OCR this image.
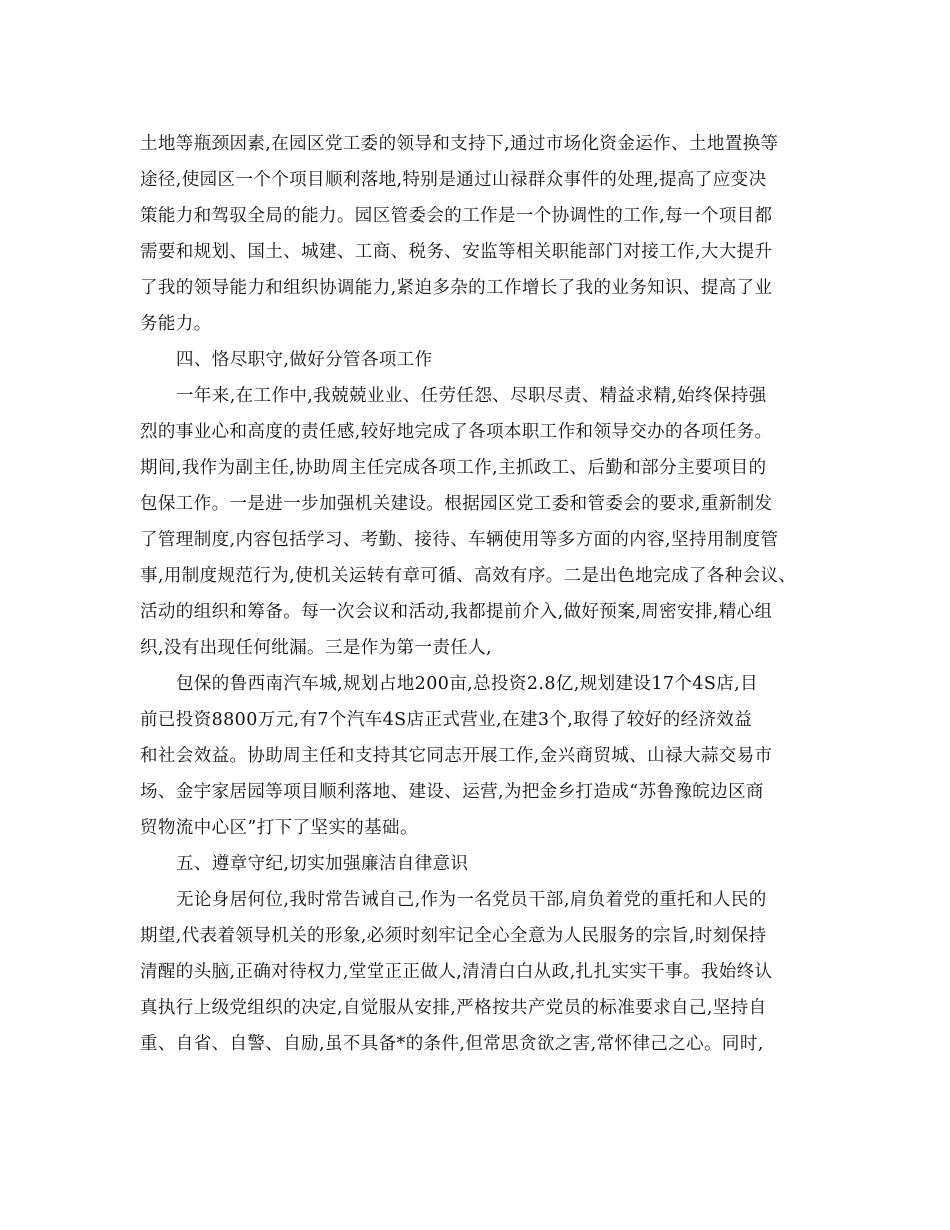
土地等瓶颈因素,在园区党工委的领导和支持下,通过市场化资金运作、土地置换等
途径,使园区一个个项目顺利落地,特别是通过山禄群众事件的处理,提高了应变决
策能力和驾驭全局的能力。园区管委会的工作是一个协调性的工作,每一个项目都
需要和规划、国土、城建、工商、税务、安监等相关职能部门对接工作,大大提升
了我的领导能力和组织协调能力,紧迫多杂的工作增长了我的业务知识、提高了业
务能力。
四、恪尽职守,做好分管各项工作
一年来,在工作中,我兢兢业业、任劳任怨、尽职尽责、精益求精,始终保持强
烈的事业心和高度的责任感,较好地完成了各项本职工作和领导交办的各项任务。
期间,我作为副主任,协助周主任完成各项工作,主抓政工、后勤和部分主要项目的
包保工作。一是进一步加强机关建设。根据园区党工委和管委会的要求,重新制发
了管理制度,内容包括学习、考勤、接待、车辆使用等多方面的内容,坚持用制度管
事,用制度规范行为,使机关运转有章可循、高效有序。二是出色地完成了各种会议、
活动的组织和筹备。每一次会议和活动,我都提前介入,做好预案,周密安排,精心组
织,没有出现任何纰漏。三是作为第一责任人,
包保的鲁西南汽车城,规划占地200亩,总投资2.8亿,规划建设17个4S店,目
前已投资8800万元,有7个汽车4S店正式营业,在建3个,取得了较好的经济效益
和社会效益。协助周主任和支持其它同志开展工作,金兴商贸城、山禄大蒜交易市
场、金宇家居园等项目顺利落地、建设、运营,为把金乡打造成“苏鲁豫皖边区商
贸物流中心区”打下了坚实的基础。
五、遵章守纪,切实加强廉洁自律意识
无论身居何位,我时常告诫自己,作为一名党员干部,肩负着党的重托和人民的
期望,代表着领导机关的形象,必须时刻牢记全心全意为人民服务的宗旨,时刻保持
清醒的头脑,正确对待权力,堂堂正正做人,清清白白从政,扎扎实实干事。我始终认
真执行上级党组织的决定,自觉服从安排,严格按共产党员的标准要求自己,坚持自
重、自省、自警、自励,虽不具备*的条件,但常思贪欲之害,常怀律己之心。同时,
